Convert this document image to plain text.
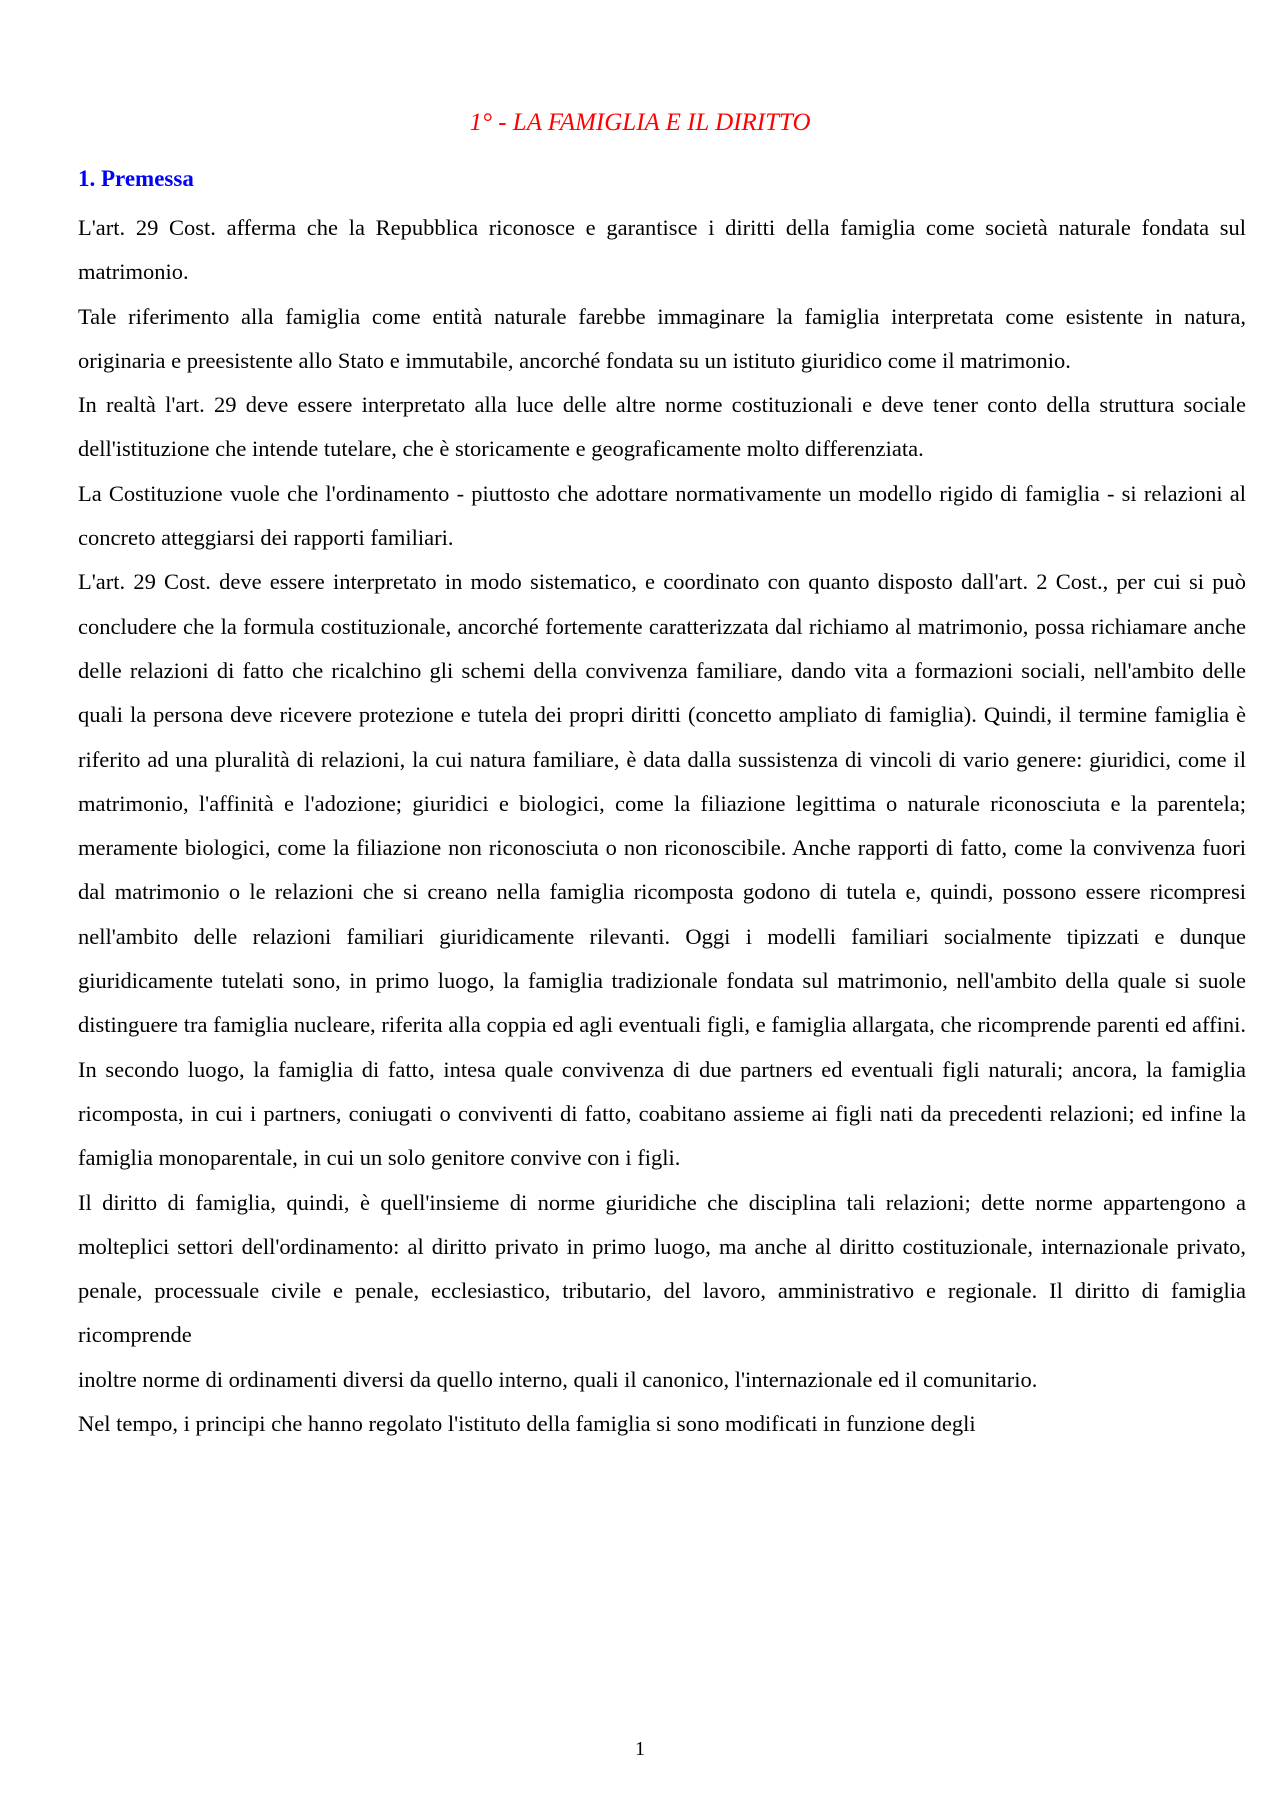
1° - LA FAMIGLIA E IL DIRITTO
1. Premessa

L'art. 29 Cost. afferma che la Repubblica riconosce e garantisce i diritti della famiglia come società naturale fondata sul matrimonio.

Tale riferimento alla famiglia come entità naturale farebbe immaginare la famiglia interpretata come esistente in natura, originaria e preesistente allo Stato e immutabile, ancorché fondata su un istituto giuridico come il matrimonio.

In realtà l'art. 29 deve essere interpretato alla luce delle altre norme costituzionali e deve tener conto della struttura sociale dell'istituzione che intende tutelare, che è storicamente e geograficamente molto differenziata.

La Costituzione vuole che l'ordinamento - piuttosto che adottare normativamente un modello rigido di famiglia - si relazioni al concreto atteggiarsi dei rapporti familiari.

L'art. 29 Cost. deve essere interpretato in modo sistematico, e coordinato con quanto disposto dall'art. 2 Cost., per cui si può concludere che la formula costituzionale, ancorché fortemente caratterizzata dal richiamo al matrimonio, possa richiamare anche delle relazioni di fatto che ricalchino gli schemi della convivenza familiare, dando vita a formazioni sociali, nell'ambito delle quali la persona deve ricevere protezione e tutela dei propri diritti (concetto ampliato di famiglia). Quindi, il termine famiglia è riferito ad una pluralità di relazioni, la cui natura familiare, è data dalla sussistenza di vincoli di vario genere: giuridici, come il matrimonio, l'affinità e l'adozione; giuridici e biologici, come la filiazione legittima o naturale riconosciuta e la parentela; meramente biologici, come la filiazione non riconosciuta o non riconoscibile. Anche rapporti di fatto, come la convivenza fuori dal matrimonio o le relazioni che si creano nella famiglia ricomposta godono di tutela e, quindi, possono essere ricompresi nell'ambito delle relazioni familiari giuridicamente rilevanti. Oggi i modelli familiari socialmente tipizzati e dunque giuridicamente tutelati sono, in primo luogo, la famiglia tradizionale fondata sul matrimonio, nell'ambito della quale si suole distinguere tra famiglia nucleare, riferita alla coppia ed agli eventuali figli, e famiglia allargata, che ricomprende parenti ed affini. In secondo luogo, la famiglia di fatto, intesa quale convivenza di due partners ed eventuali figli naturali; ancora, la famiglia ricomposta, in cui i partners, coniugati o conviventi di fatto, coabitano assieme ai figli nati da precedenti relazioni; ed infine la famiglia monoparentale, in cui un solo genitore convive con i figli.

Il diritto di famiglia, quindi, è quell'insieme di norme giuridiche che disciplina tali relazioni; dette norme appartengono a molteplici settori dell'ordinamento: al diritto privato in primo luogo, ma anche al diritto costituzionale, internazionale privato, penale, processuale civile e penale, ecclesiastico, tributario, del lavoro, amministrativo e regionale. Il diritto di famiglia ricomprende

inoltre norme di ordinamenti diversi da quello interno, quali il canonico, l'internazionale ed il comunitario.

Nel tempo, i principi che hanno regolato l'istituto della famiglia si sono modificati in funzione degli

1
